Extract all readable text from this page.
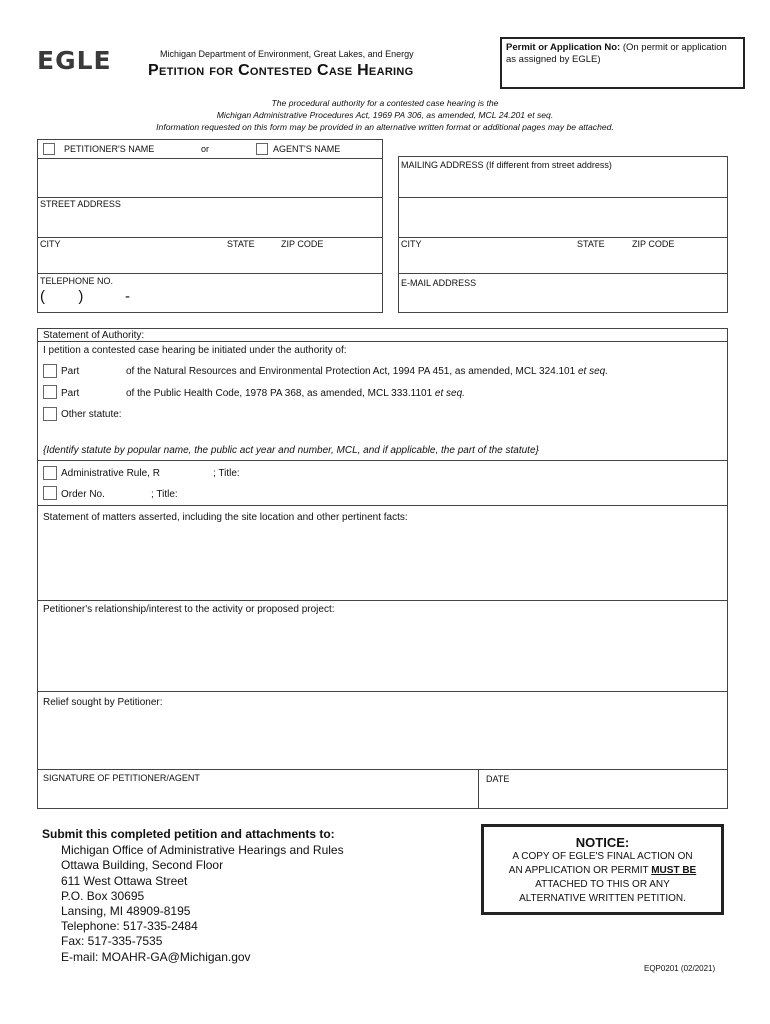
EGLE	Michigan Department of Environment, Great Lakes, and Energy
Petition for Contested Case Hearing
Permit or Application No: (On permit or application as assigned by EGLE)
The procedural authority for a contested case hearing is the
Michigan Administrative Procedures Act, 1969 PA 306, as amended, MCL 24.201 et seq.
Information requested on this form may be provided in an alternative written format or additional pages may be attached.
PETITIONER'S NAME	or	AGENT'S NAME
STREET ADDRESS
CITY	STATE	ZIP CODE
TELEPHONE NO.
(        )          -
MAILING ADDRESS (If different from street address)
CITY	STATE	ZIP CODE
E-MAIL ADDRESS
Statement of Authority:
I petition a contested case hearing be initiated under the authority of:
Part	of the Natural Resources and Environmental Protection Act, 1994 PA 451, as amended, MCL 324.101 et seq.
Part	of the Public Health Code, 1978 PA 368, as amended, MCL 333.1101 et seq.
Other statute:
{Identify statute by popular name, the public act year and number, MCL, and if applicable, the part of the statute}
Administrative Rule, R	; Title:
Order No.	; Title:
Statement of matters asserted, including the site location and other pertinent facts:
Petitioner's relationship/interest to the activity or proposed project:
Relief sought by Petitioner:
SIGNATURE OF PETITIONER/AGENT	DATE
Submit this completed petition and attachments to:
Michigan Office of Administrative Hearings and Rules
Ottawa Building, Second Floor
611 West Ottawa Street
P.O. Box 30695
Lansing, MI 48909-8195
Telephone: 517-335-2484
Fax: 517-335-7535
E-mail: MOAHR-GA@Michigan.gov
NOTICE:
A COPY OF EGLE'S FINAL ACTION ON
AN APPLICATION OR PERMIT MUST BE
ATTACHED TO THIS OR ANY
ALTERNATIVE WRITTEN PETITION.
EQP0201 (02/2021)
